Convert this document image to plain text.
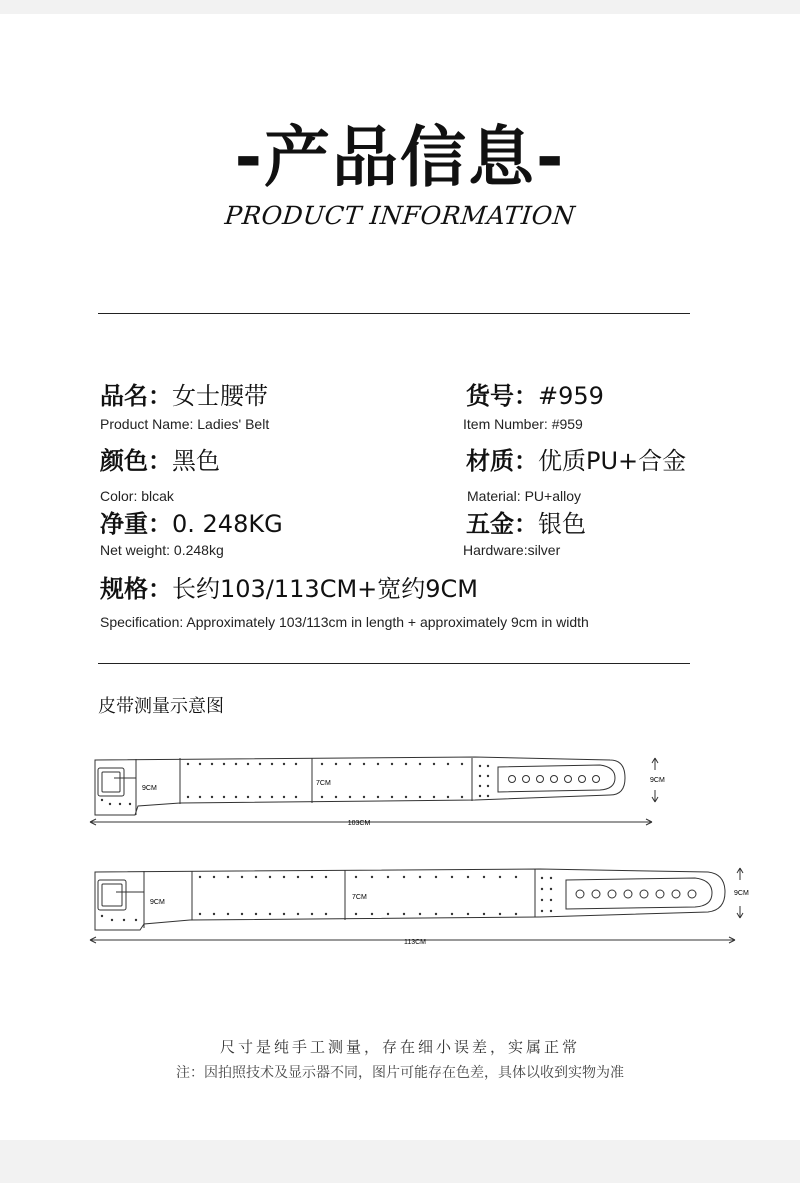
-产品信息-
PRODUCT INFORMATION
品名：女士腰带
Product Name: Ladies' Belt
货号：#959
Item Number: #959
颜色：黑色
Color: blcak
材质：优质PU+合金
Material: PU+alloy
净重：0. 248KG
Net weight: 0.248kg
五金：银色
Hardware:silver
规格：长约103/113CM+宽约9CM
Specification: Approximately 103/113cm in length + approximately 9cm in width
皮带测量示意图
9CM
7CM
103CM
9CM
9CM
7CM
113CM
9CM
尺寸是纯手工测量，存在细小误差，实属正常
注：因拍照技术及显示器不同，图片可能存在色差，具体以收到实物为准
